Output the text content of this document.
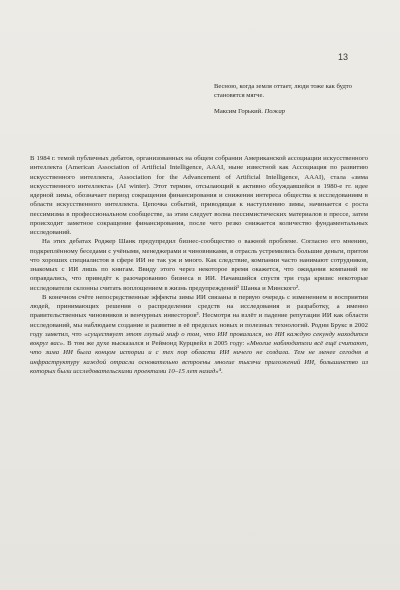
13

Весною, когда земля оттает, люди тоже как будто становятся мягче.

Максим Горький. Пожар

В 1984 г. темой публичных дебатов, организованных на общем собрании Американской ассоциации искусственного интеллекта (American Association of Artificial Intelligence, AAAI, ныне известной как Ассоциация по развитию искусственного интеллекта, Association for the Advancement of Artificial Intelligence, AAAI), стала «зима искусственного интеллекта» (AI winter). Этот термин, отсылающий к активно обсуждавшейся в 1980-е гг. идее ядерной зимы, обозначает период сокращения финансирования и снижения интереса общества к исследованиям в области искусственного интеллекта. Цепочка событий, приводящая к наступлению зимы, начинается с роста пессимизма в профессиональном сообществе, за этим следует волна пессимистических материалов в прессе, затем происходит заметное сокращение финансирования, после чего резко снижается количество фундаментальных исследований.

На этих дебатах Роджер Шанк предупредил бизнес-сообщество о важной проблеме. Согласно его мнению, подкреплённому беседами с учёными, менеджерами и чиновниками, в отрасль устремились большие деньги, притом что хороших специалистов в сфере ИИ не так уж и много. Как следствие, компании часто нанимают сотрудников, знакомых с ИИ лишь по книгам. Ввиду этого через некоторое время окажется, что ожидания компаний не оправдались, что приведёт к разочарованию бизнеса в ИИ. Начавшийся спустя три года кризис некоторые исследователи склонны считать воплощением в жизнь предупреждений¹ Шанка и Минского².

В конечном счёте непосредственные эффекты зимы ИИ связаны в первую очередь с изменением в восприятии людей, принимающих решения о распределении средств на исследования и разработку, а именно правительственных чиновников и венчурных инвесторов³. Несмотря на взлёт и падение репутации ИИ как области исследований, мы наблюдаем создание и развитие в её пределах новых и полезных технологий. Родни Брукс в 2002 году заметил, что «существует этот глупый миф о том, что ИИ провалился, но ИИ каждую секунду находится вокруг вас». В том же духе высказался и Реймонд Курцвейл в 2005 году: «Многие наблюдатели всё ещё считают, что зима ИИ была концом истории и с тех пор области ИИ ничего не создала. Тем не менее сегодня в инфраструктуру каждой отрасли основательно встроены многие тысячи приложений ИИ, большинство из которых были исследовательскими проектами 10–15 лет назад»⁴.
